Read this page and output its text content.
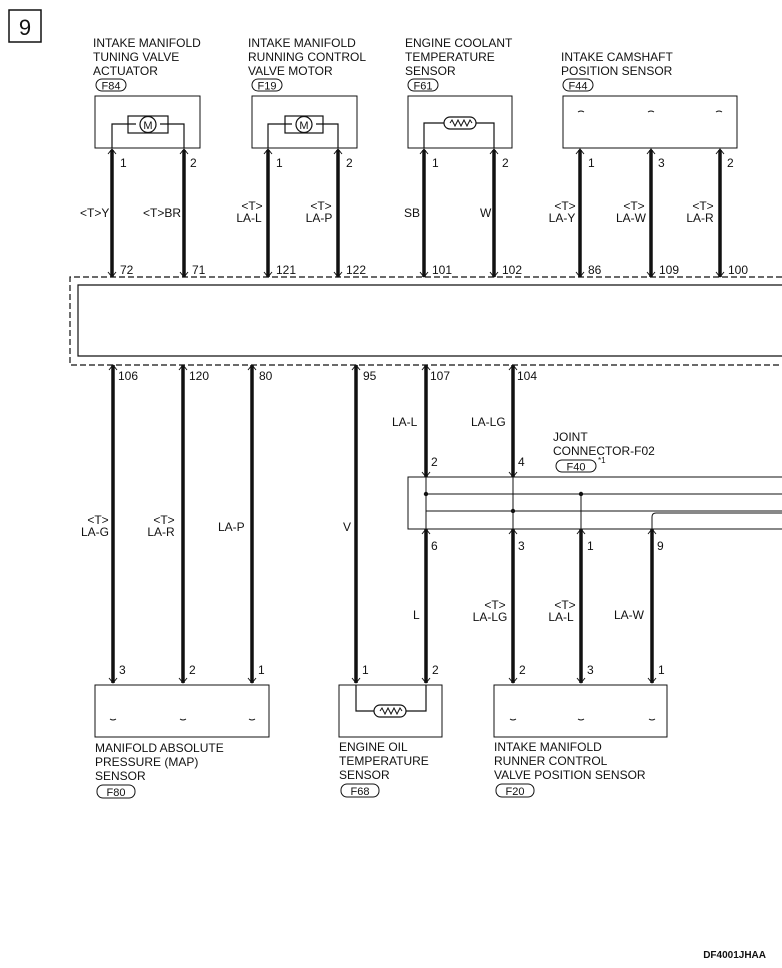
9
INTAKE MANIFOLD TUNING VALVE ACTUATOR
F84
M
INTAKE MANIFOLD RUNNING CONTROL VALVE MOTOR
F19
M
ENGINE COOLANT TEMPERATURE SENSOR
F61
INTAKE CAMSHAFT POSITION SENSOR
F44
1	2	1	2	1	2	1	3	2
<T>Y	<T>BR	<T>
LA-L
<T>
LA-P	SB	W	<T>
LA-Y
<T>
LA-W
<T>
LA-R
72	71	121	122	101	102	86	109	100
106	120	80	95	107	104
LA-L	LA-LG
JOINT CONNECTOR-F02
F40
*1
2	4
6	3	1	9
<T>
LA-G
<T>
LA-R	LA-P	V
L
<T>
LA-LG
<T>
LA-L	LA-W
3	2	1	1	2	2	3	1
MANIFOLD ABSOLUTE PRESSURE (MAP) SENSOR
F80
ENGINE OIL TEMPERATURE SENSOR
F68
INTAKE MANIFOLD RUNNER CONTROL VALVE POSITION SENSOR
F20
DF4001JHAA
